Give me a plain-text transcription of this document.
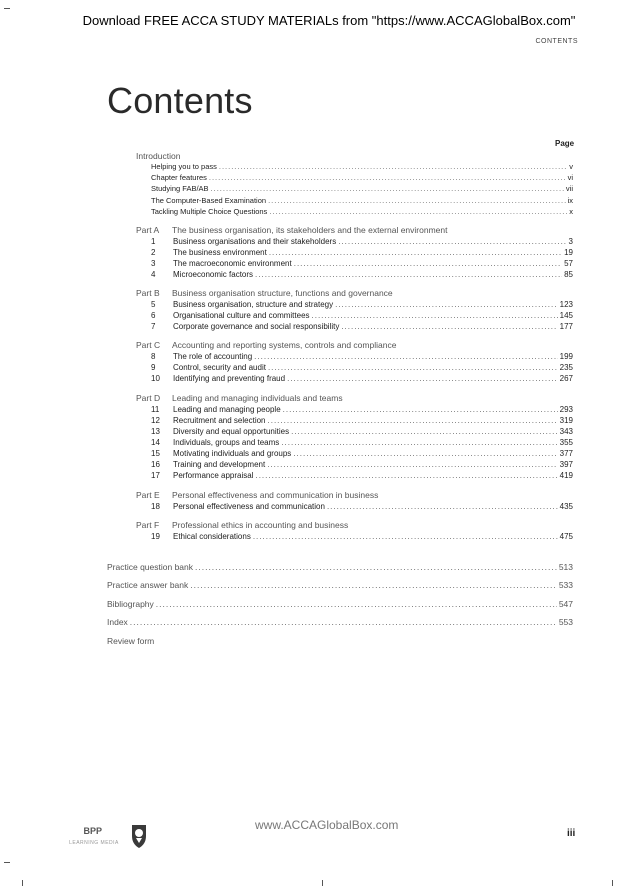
Download FREE ACCA STUDY MATERIALs from "https://www.ACCAGlobalBox.com"
CONTENTS
Contents
Page
Introduction
Helping you to pass .....	v
Chapter features .....	vi
Studying FAB/AB .....	vii
The Computer-Based Examination .....	ix
Tackling Multiple Choice Questions .....	x
Part A	The business organisation, its stakeholders and the external environment
1 Business organisations and their stakeholders .....	3
2 The business environment .....	19
3 The macroeconomic environment .....	57
4 Microeconomic factors .....	85
Part B	Business organisation structure, functions and governance
5 Business organisation, structure and strategy .....	123
6 Organisational culture and committees .....	145
7 Corporate governance and social responsibility .....	177
Part C	Accounting and reporting systems, controls and compliance
8 The role of accounting .....	199
9 Control, security and audit .....	235
10 Identifying and preventing fraud .....	267
Part D	Leading and managing individuals and teams
11 Leading and managing people .....	293
12 Recruitment and selection .....	319
13 Diversity and equal opportunities .....	343
14 Individuals, groups and teams .....	355
15 Motivating individuals and groups .....	377
16 Training and development .....	397
17 Performance appraisal .....	419
Part E	Personal effectiveness and communication in business
18 Personal effectiveness and communication .....	435
Part F	Professional ethics in accounting and business
19 Ethical considerations .....	475
Practice question bank .....	513
Practice answer bank .....	533
Bibliography .....	547
Index .....	553
Review form
BPP
LEARNING MEDIA
www.ACCAGlobalBox.com
iii
